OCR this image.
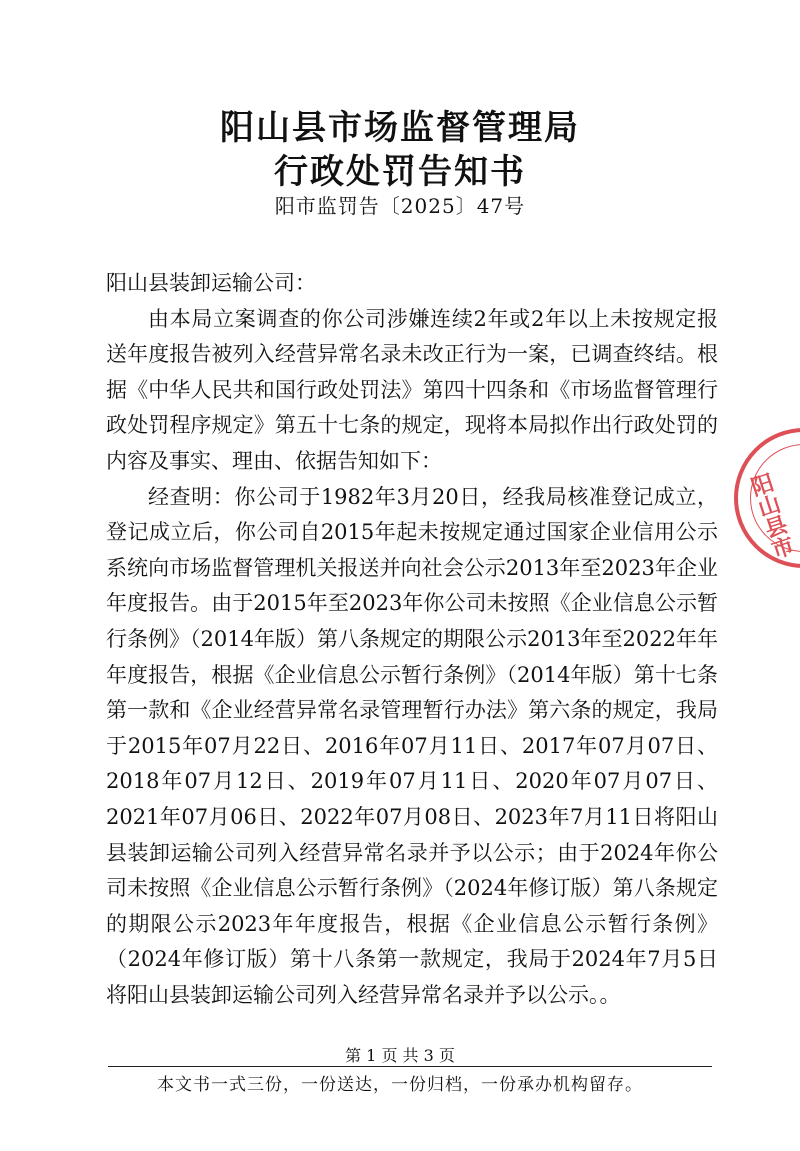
阳山县市场监督管理局
行政处罚告知书
阳市监罚告〔2025〕47号

阳山县装卸运输公司：

由本局立案调查的你公司涉嫌连续2年或2年以上未按规定报送年度报告被列入经营异常名录未改正行为一案，已调查终结。根据《中华人民共和国行政处罚法》第四十四条和《市场监督管理行政处罚程序规定》第五十七条的规定，现将本局拟作出行政处罚的内容及事实、理由、依据告知如下：

经查明：你公司于1982年3月20日，经我局核准登记成立，登记成立后，你公司自2015年起未按规定通过国家企业信用公示系统向市场监督管理机关报送并向社会公示2013年至2023年企业年度报告。由于2015年至2023年你公司未按照《企业信息公示暂行条例》（2014年版）第八条规定的期限公示2013年至2022年年年度报告，根据《企业信息公示暂行条例》（2014年版）第十七条第一款和《企业经营异常名录管理暂行办法》第六条的规定，我局于2015年07月22日、2016年07月11日、2017年07月07日、2018年07月12日、2019年07月11日、2020年07月07日、2021年07月06日、2022年07月08日、2023年7月11日将阳山县装卸运输公司列入经营异常名录并予以公示；由于2024年你公司未按照《企业信息公示暂行条例》（2024年修订版）第八条规定的期限公示2023年年度报告，根据《企业信息公示暂行条例》（2024年修订版）第十八条第一款规定，我局于2024年7月5日将阳山县装卸运输公司列入经营异常名录并予以公示。。

第 1 页 共 3 页
本文书一式三份，一份送达，一份归档，一份承办机构留存。
阳山县市
